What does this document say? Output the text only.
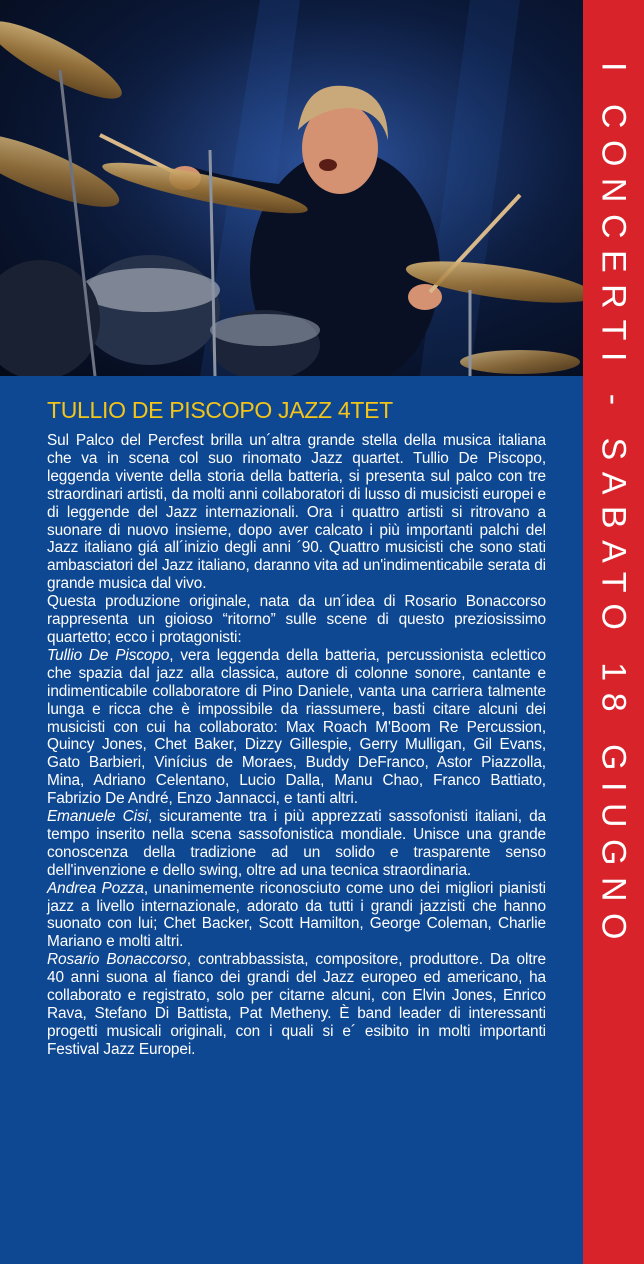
TULLIO DE PISCOPO JAZZ 4TET

Sul Palco del Percfest brilla un´altra grande stella della musica italiana che va in scena col suo rinomato Jazz quartet. Tullio De Piscopo, leggenda vivente della storia della batteria, si presenta sul palco con tre straordinari artisti, da molti anni collaboratori di lusso di musicisti europei e di leggende del Jazz internazionali. Ora i quattro artisti si ritrovano a suonare di nuovo insieme, dopo aver calcato i più importanti palchi del Jazz italiano giá all´inizio degli anni ´90. Quattro musicisti che sono stati ambasciatori del Jazz italiano, daranno vita ad un'indimenticabile serata di grande musica dal vivo.

Questa produzione originale, nata da un´idea di Rosario Bonaccorso rappresenta un gioioso “ritorno” sulle scene di questo preziosissimo quartetto; ecco i protagonisti:

Tullio De Piscopo, vera leggenda della batteria, percussionista eclettico che spazia dal jazz alla classica, autore di colonne sonore, cantante e indimenticabile collaboratore di Pino Daniele, vanta una carriera talmente lunga e ricca che è impossibile da riassumere, basti citare alcuni dei musicisti con cui ha collaborato: Max Roach M'Boom Re Percussion, Quincy Jones, Chet Baker, Dizzy Gillespie, Gerry Mulligan, Gil Evans, Gato Barbieri, Vinícius de Moraes, Buddy DeFranco, Astor Piazzolla, Mina, Adriano Celentano, Lucio Dalla, Manu Chao, Franco Battiato, Fabrizio De André, Enzo Jannacci, e tanti altri.

Emanuele Cisi, sicuramente tra i più apprezzati sassofonisti italiani, da tempo inserito nella scena sassofonistica mondiale. Unisce una grande conoscenza della tradizione ad un solido e trasparente senso dell'invenzione e dello swing, oltre ad una tecnica straordinaria.

Andrea Pozza, unanimemente riconosciuto come uno dei migliori pianisti jazz a livello internazionale, adorato da tutti i grandi jazzisti che hanno suonato con lui; Chet Backer, Scott Hamilton, George Coleman, Charlie Mariano e molti altri.

Rosario Bonaccorso, contrabbassista, compositore, produttore. Da oltre 40 anni suona al fianco dei grandi del Jazz europeo ed americano, ha collaborato e registrato, solo per citarne alcuni, con Elvin Jones, Enrico Rava, Stefano Di Battista, Pat Metheny. È band leader di interessanti progetti musicali originali, con i quali si e´ esibito in molti importanti Festival Jazz Europei.

I CONCERTI - SABATO 18 GIUGNO
